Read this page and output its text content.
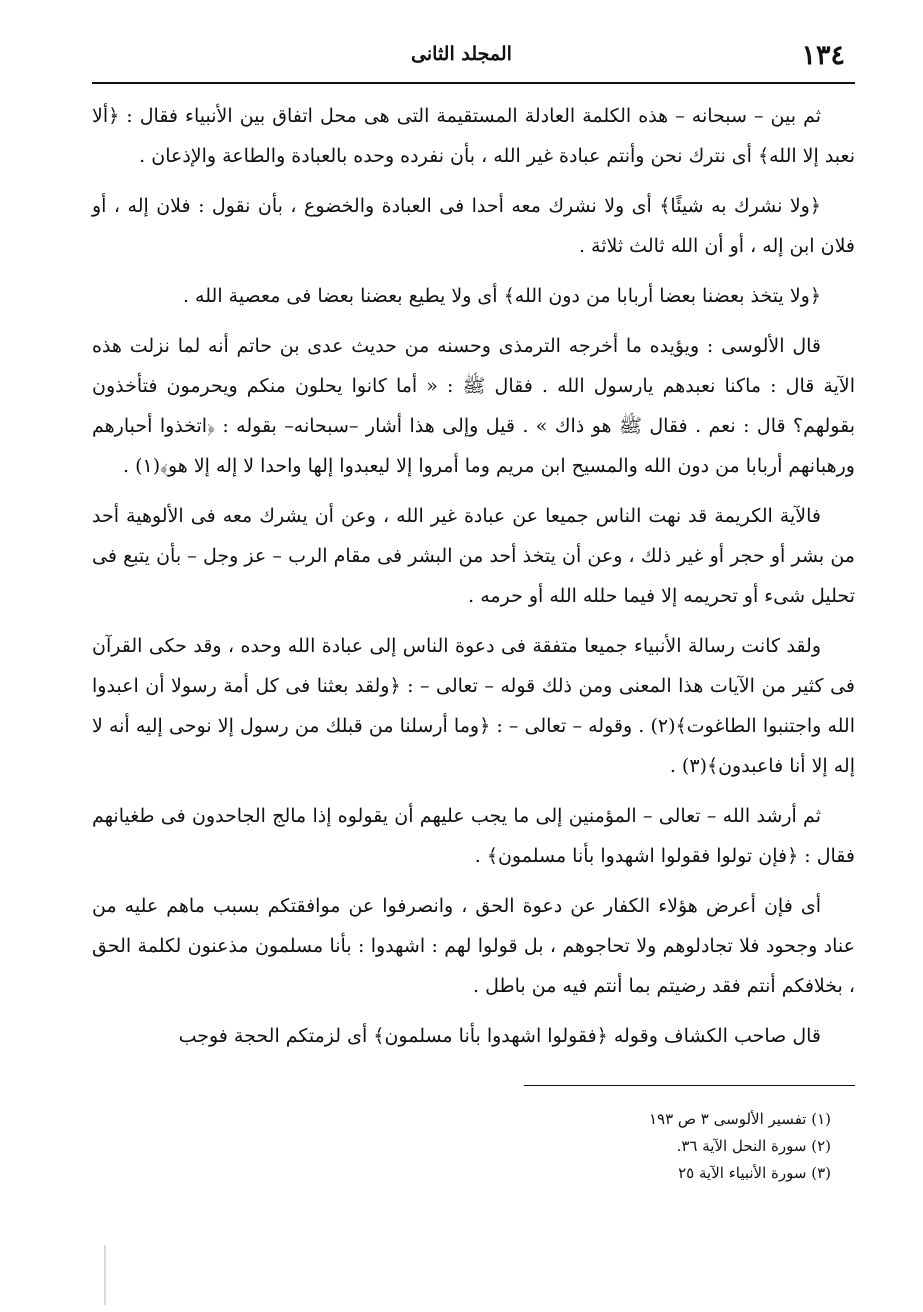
١٣٤
المجلد الثانى

ثم بين – سبحانه – هذه الكلمة العادلة المستقيمة التى هى محل اتفاق بين الأنبياء فقال : ﴿ألا نعبد إلا الله﴾ أى نترك نحن وأنتم عبادة غير الله ، بأن نفرده وحده بالعبادة والطاعة والإذعان .

﴿ولا نشرك به شيئًا﴾ أى ولا نشرك معه أحدا فى العبادة والخضوع ، بأن نقول : فلان إله ، أو فلان ابن إله ، أو أن الله ثالث ثلاثة .

﴿ولا يتخذ بعضنا بعضا أربابا من دون الله﴾ أى ولا يطيع بعضنا بعضا فى معصية الله .

قال الألوسى : ويؤيده ما أخرجه الترمذى وحسنه من حديث عدى بن حاتم أنه لما نزلت هذه الآية قال : ماكنا نعبدهم يارسول الله . فقال ﷺ : « أما كانوا يحلون منكم ويحرمون فتأخذون بقولهم؟ قال : نعم . فقال ﷺ هو ذاك » . قيل وإلى هذا أشار –سبحانه– بقوله : ﴿اتخذوا أحبارهم ورهبانهم أربابا من دون الله والمسيح ابن مريم وما أمروا إلا ليعبدوا إلها واحدا لا إله إلا هو﴾(١) .

فالآية الكريمة قد نهت الناس جميعا عن عبادة غير الله ، وعن أن يشرك معه فى الألوهية أحد من بشر أو حجر أو غير ذلك ، وعن أن يتخذ أحد من البشر فى مقام الرب – عز وجل – بأن يتبع فى تحليل شىء أو تحريمه إلا فيما حلله الله أو حرمه .

ولقد كانت رسالة الأنبياء جميعا متفقة فى دعوة الناس إلى عبادة الله وحده ، وقد حكى القرآن فى كثير من الآيات هذا المعنى ومن ذلك قوله – تعالى – : ﴿ولقد بعثنا فى كل أمة رسولا أن اعبدوا الله واجتنبوا الطاغوت﴾(٢) . وقوله – تعالى – : ﴿وما أرسلنا من قبلك من رسول إلا نوحى إليه أنه لا إله إلا أنا فاعبدون﴾(٣) .

ثم أرشد الله – تعالى – المؤمنين إلى ما يجب عليهم أن يقولوه إذا مالج الجاحدون فى طغيانهم فقال : ﴿فإن تولوا فقولوا اشهدوا بأنا مسلمون﴾ .

أى فإن أعرض هؤلاء الكفار عن دعوة الحق ، وانصرفوا عن موافقتكم بسبب ماهم عليه من عناد وجحود فلا تجادلوهم ولا تحاجوهم ، بل قولوا لهم : اشهدوا : بأنا مسلمون مذعنون لكلمة الحق ، بخلافكم أنتم فقد رضيتم بما أنتم فيه من باطل .

قال صاحب الكشاف وقوله ﴿فقولوا اشهدوا بأنا مسلمون﴾ أى لزمتكم الحجة فوجب

(١) تفسير الألوسى ٣ ص ١٩٣
(٢) سورة النحل الآية ٣٦.
(٣) سورة الأنبياء الآية ٢٥
